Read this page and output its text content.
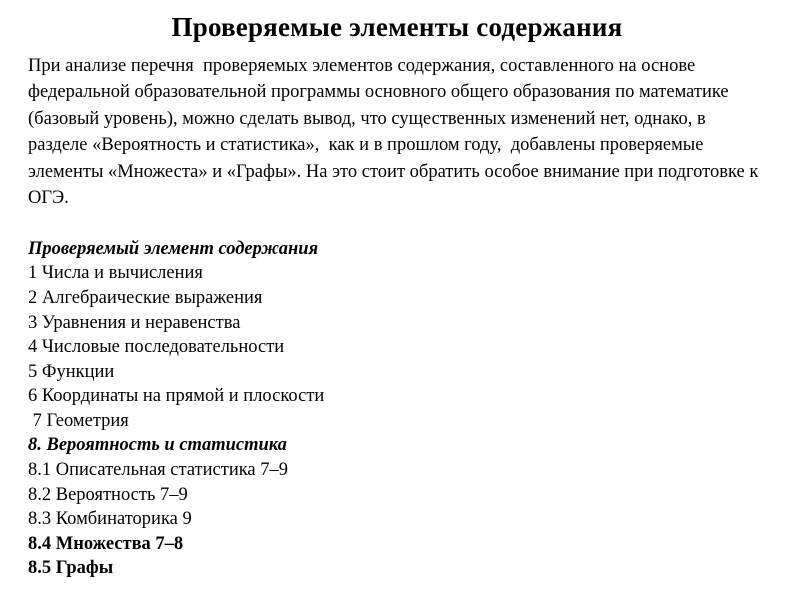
Проверяемые элементы содержания

При анализе перечня  проверяемых элементов содержания, составленного на основе федеральной образовательной программы основного общего образования по математике (базовый уровень), можно сделать вывод, что существенных изменений нет, однако, в разделе «Вероятность и статистика»,  как и в прошлом году,  добавлены проверяемые элементы «Множеста» и «Графы». На это стоит обратить особое внимание при подготовке к ОГЭ.

Проверяемый элемент содержания
1 Числа и вычисления
2 Алгебраические выражения
3 Уравнения и неравенства
4 Числовые последовательности
5 Функции
6 Координаты на прямой и плоскости
7 Геометрия
8. Вероятность и статистика
8.1 Описательная статистика 7–9
8.2 Вероятность 7–9
8.3 Комбинаторика 9
8.4 Множества 7–8
8.5 Графы
